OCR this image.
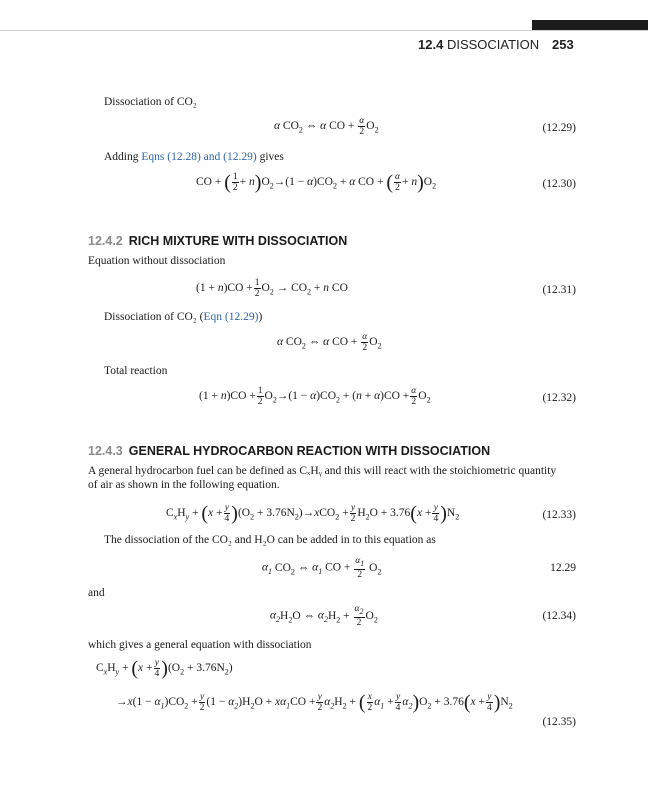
12.4 DISSOCIATION 253
Dissociation of CO₂
α $CO_2$ ⇔ α CO + $\frac{\alpha}{2} O_2$	(12.29)
Adding Eqns (12.28) and (12.29) gives
CO + ( $\frac{1}{2} + n)O_2\to(1 - \alpha)CO_2 + \alpha$ CO + ( $\frac{\alpha}{2} + n)O_2$	(12.30)
12.4.2 RICH MIXTURE WITH DISSOCIATION
Equation without dissociation
$(1 + n)CO + \frac{1}{2} O_2 \to CO_2 + n$ CO	(12.31)
Dissociation of CO₂ (Eqn (12.29))
α $CO_2$ ⇔ α CO + $\frac{\alpha}{2} O_2$
Total reaction
$(1 + n)CO + \frac{1}{2} O_2\to(1 - \alpha)CO_2 + (n + \alpha)CO + \frac{\alpha}{2} O_2$	(12.32)
12.4.3 GENERAL HYDROCARBON REACTION WITH DISSOCIATION
A general hydrocarbon fuel can be defined as CₓHᵧ and this will react with the stoichiometric quantity
of air as shown in the following equation.
$C_xH_y + (x + \frac{y}{4} )(O_2 + 3.76N_2)\to xCO_2 + \frac{y}{2} H_2O + 3.76(x + \frac{y}{4} )N_2$	(12.33)
The dissociation of the CO₂ and H₂O can be added in to this equation as
$\alpha_1$ $CO_2$ ⇔ $\alpha_1$ CO + $\frac{\alpha_1}{2} O_2$	12.29
and
$\alpha_2H_2O$ ⇔ $\alpha_2H_2 + \frac{\alpha_2}{2} O_2$	(12.34)
which gives a general equation with dissociation
$C_xH_y + (x + \frac{y}{4} )(O_2 + 3.76N_2)$
$\to x(1 - \alpha_1)CO_2 + \frac{y}{2} (1 - \alpha_2)H_2O + x\alpha_1CO + \frac{y}{2} \alpha_2H_2$ + ( $\frac{x}{2} \alpha_1 + \frac{y}{4} \alpha_2)O_2 + 3.76(x + \frac{y}{4} )N_2$
(12.35)
